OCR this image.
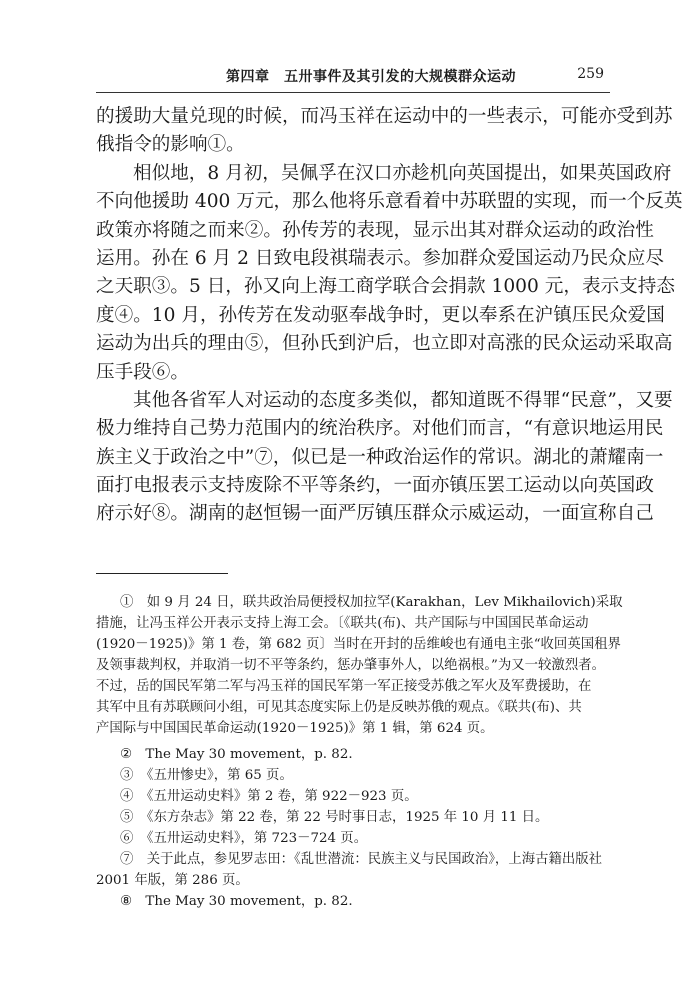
第四章　五卅事件及其引发的大规模群众运动	259
的援助大量兑现的时候，而冯玉祥在运动中的一些表示，可能亦受到苏
俄指令的影响①。
相似地，8 月初，吴佩孚在汉口亦趁机向英国提出，如果英国政府
不向他援助 400 万元，那么他将乐意看着中苏联盟的实现，而一个反英
政策亦将随之而来②。孙传芳的表现，显示出其对群众运动的政治性
运用。孙在 6 月 2 日致电段祺瑞表示。参加群众爱国运动乃民众应尽
之天职③。5 日，孙又向上海工商学联合会捐款 1000 元，表示支持态
度④。10 月，孙传芳在发动驱奉战争时，更以奉系在沪镇压民众爱国
运动为出兵的理由⑤，但孙氏到沪后，也立即对高涨的民众运动采取高
压手段⑥。
其他各省军人对运动的态度多类似，都知道既不得罪“民意”，又要
极力维持自己势力范围内的统治秩序。对他们而言，“有意识地运用民
族主义于政治之中”⑦，似已是一种政治运作的常识。湖北的萧耀南一
面打电报表示支持废除不平等条约，一面亦镇压罢工运动以向英国政
府示好⑧。湖南的赵恒锡一面严厉镇压群众示威运动，一面宣称自己
①　如 9 月 24 日，联共政治局便授权加拉罕(Karakhan，Lev Mikhailovich)采取
措施，让冯玉祥公开表示支持上海工会。〔《联共(布)、共产国际与中国国民革命运动
(1920－1925)》第 1 卷，第 682 页〕当时在开封的岳维峻也有通电主张“收回英国租界
及领事裁判权，并取消一切不平等条约，惩办肇事外人，以绝祸根。”为又一较激烈者。
不过，岳的国民军第二军与冯玉祥的国民军第一军正接受苏俄之军火及军费援助，在
其军中且有苏联顾问小组，可见其态度实际上仍是反映苏俄的观点。《联共(布)、共
产国际与中国国民革命运动(1920－1925)》第 1 辑，第 624 页。
②　The May 30 movement，p. 82.
③　《五卅惨史》，第 65 页。
④　《五卅运动史料》第 2 卷，第 922－923 页。
⑤　《东方杂志》第 22 卷，第 22 号时事日志，1925 年 10 月 11 日。
⑥　《五卅运动史料》，第 723－724 页。
⑦　关于此点，参见罗志田：《乱世潜流：民族主义与民国政治》，上海古籍出版社
2001 年版，第 286 页。
⑧　The May 30 movement，p. 82.
